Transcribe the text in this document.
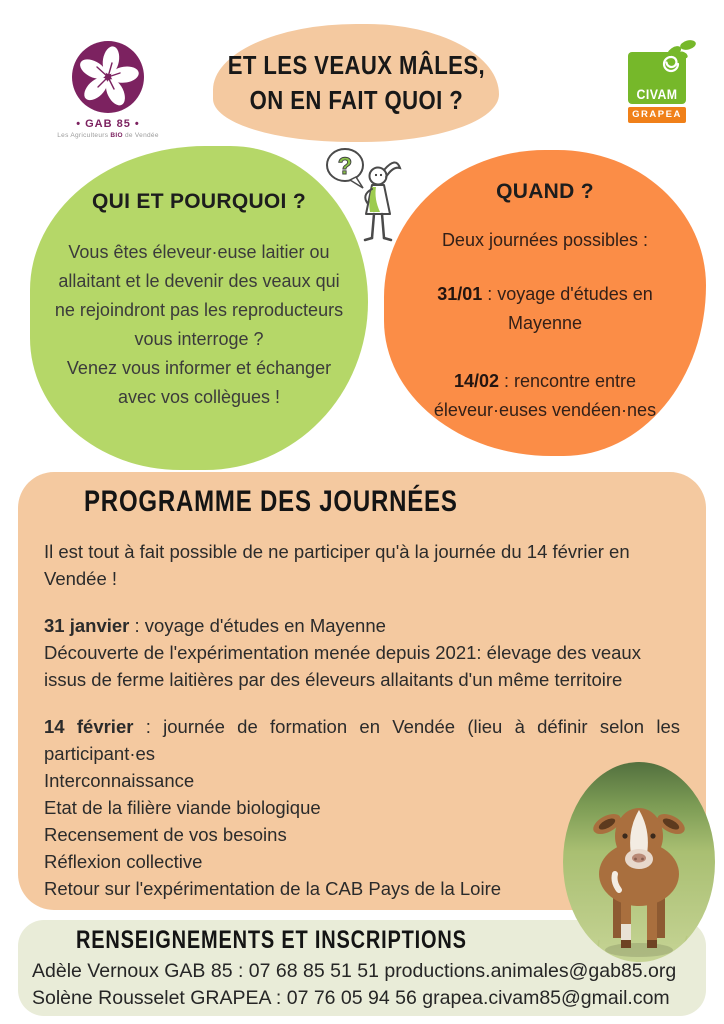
• GAB 85 •
Les Agriculteurs BIO de Vendée
ET LES VEAUX MÂLES,
ON EN FAIT QUOI ?	CIVAM
GRAPEA
QUI ET POURQUOI ?

Vous êtes éleveur·euse laitier ou allaitant et le devenir des veaux qui ne rejoindront pas les reproducteurs vous interroge ?

Venez vous informer et échanger avec vos collègues !

?
QUAND ?
Deux journées possibles :
31/01 : voyage d'études en Mayenne
14/02 : rencontre entre éleveur·euses vendéen·nes
PROGRAMME DES JOURNÉES

Il est tout à fait possible de ne participer qu'à la journée du 14 février en Vendée !

31 janvier : voyage d'études en Mayenne

Découverte de l'expérimentation menée depuis 2021: élevage des veaux issus de ferme laitières par des éleveurs allaitants d'un même territoire

14 février : journée de formation en Vendée (lieu à définir selon les participant·es

Interconnaissance
Etat de la filière viande biologique
Recensement de vos besoins
Réflexion collective
Retour sur l'expérimentation de la CAB Pays de la Loire
RENSEIGNEMENTS ET INSCRIPTIONS
Adèle Vernoux GAB 85 : 07 68 85 51 51 productions.animales@gab85.org
Solène Rousselet GRAPEA : 07 76 05 94 56 grapea.civam85@gmail.com
